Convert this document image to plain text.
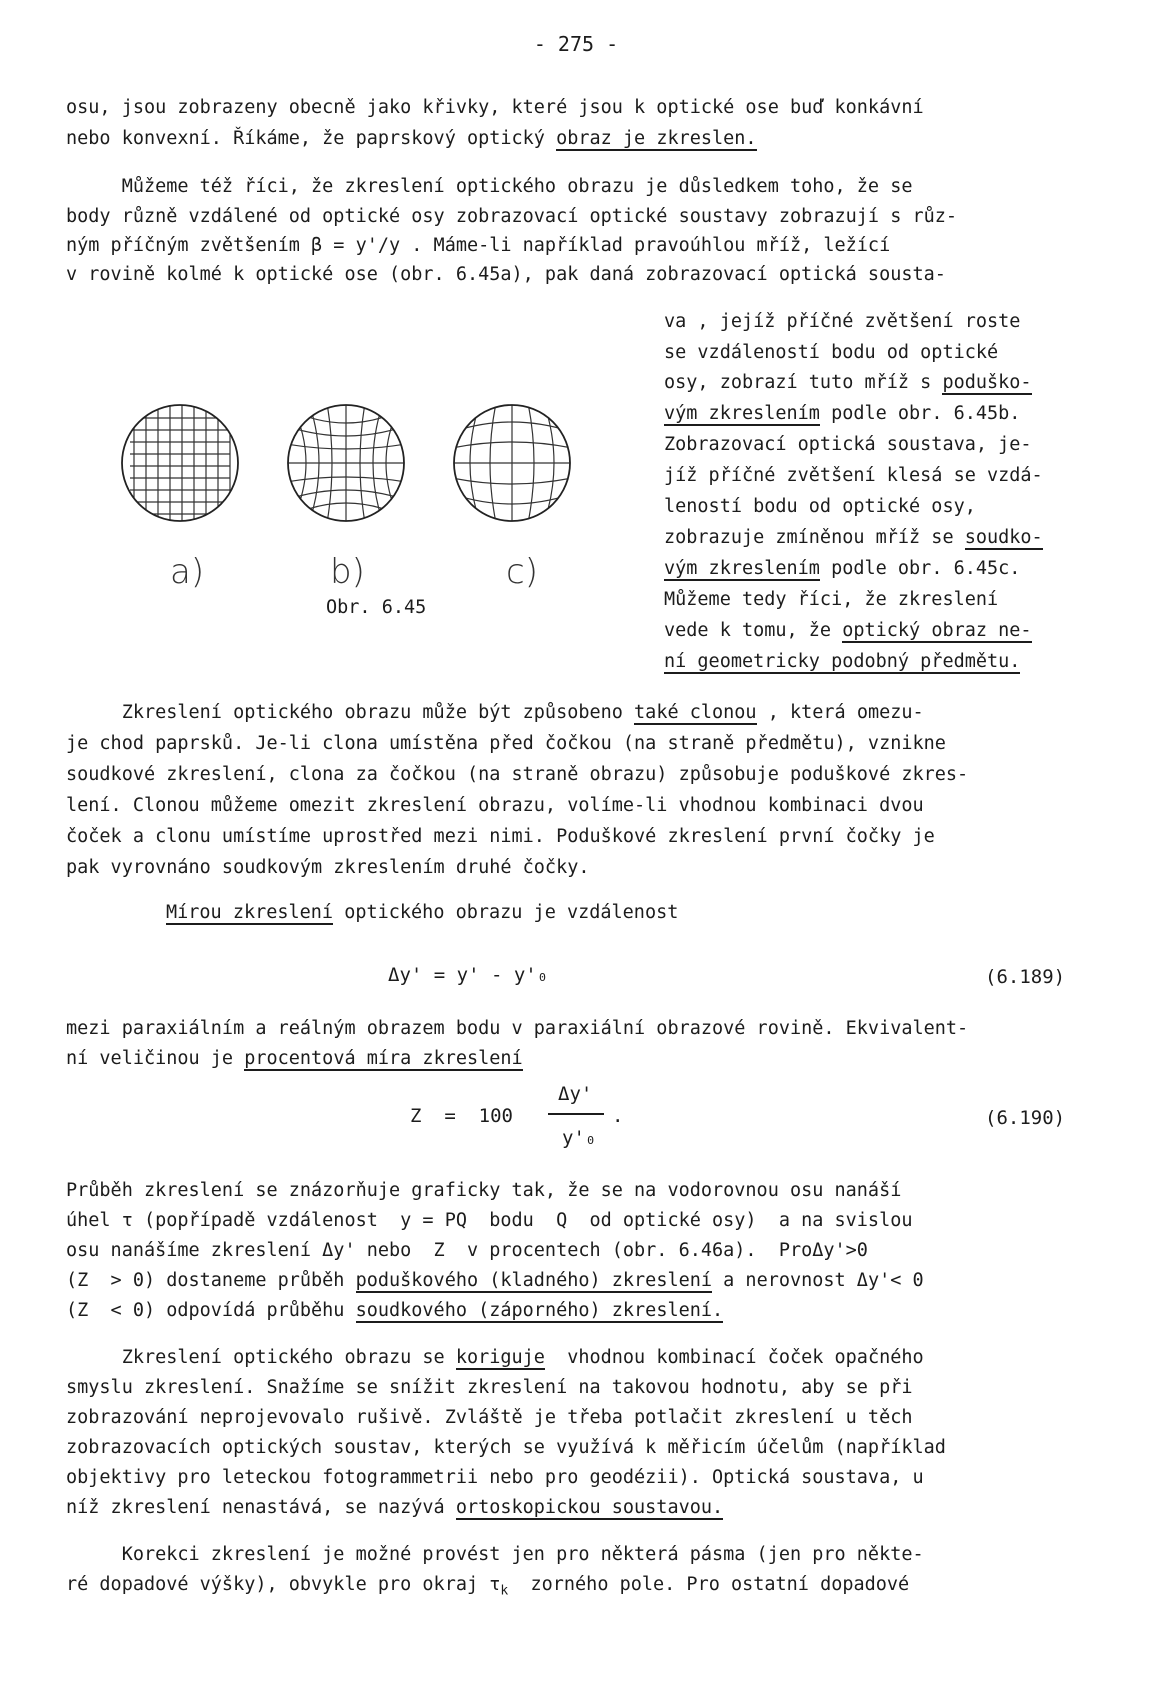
- 275 -
osu, jsou zobrazeny obecně jako křivky, které jsou k optické ose buď konkávní
nebo konvexní. Říkáme, že paprskový optický obraz je zkreslen.
Můžeme též říci, že zkreslení optického obrazu je důsledkem toho, že se
body různě vzdálené od optické osy zobrazovací optické soustavy zobrazují s růz-
ným příčným zvětšením β = y'/y . Máme-li například pravoúhlou mříž, ležící
v rovině kolmé k optické ose (obr. 6.45a), pak daná zobrazovací optická sousta-
va , jejíž příčné zvětšení roste
se vzdáleností bodu od optické
osy, zobrazí tuto mříž s poduško-
vým zkreslením podle obr. 6.45b.
Zobrazovací optická soustava, je-
jíž příčné zvětšení klesá se vzdá-
leností bodu od optické osy,
zobrazuje zmíněnou mříž se soudko-
vým zkreslením podle obr. 6.45c.
Můžeme tedy říci, že zkreslení
vede k tomu, že optický obraz ne-
ní geometricky podobný předmětu.
a)	b)	c)
Obr. 6.45
Zkreslení optického obrazu může být způsobeno také clonou , která omezu-
je chod paprsků. Je-li clona umístěna před čočkou (na straně předmětu), vznikne
soudkové zkreslení, clona za čočkou (na straně obrazu) způsobuje poduškové zkres-
lení. Clonou můžeme omezit zkreslení obrazu, volíme-li vhodnou kombinaci dvou
čoček a clonu umístíme uprostřed mezi nimi. Poduškové zkreslení první čočky je
pak vyrovnáno soudkovým zkreslením druhé čočky.
Mírou zkreslení optického obrazu je vzdálenost
Δy' = y' - y'₀	(6.189)
mezi paraxiálním a reálným obrazem bodu v paraxiální obrazové rovině. Ekvivalent-
ní veličinou je procentová míra zkreslení
Z  =  100
Δy'
y'₀
.	(6.190)
Průběh zkreslení se znázorňuje graficky tak, že se na vodorovnou osu nanáší
úhel τ (popřípadě vzdálenost  y = PQ  bodu  Q  od optické osy)  a na svislou
osu nanášíme zkreslení Δy' nebo  Z  v procentech (obr. 6.46a).  ProΔy'>0
(Z  > 0) dostaneme průběh poduškového (kladného) zkreslení a nerovnost Δy'< 0
(Z  < 0) odpovídá průběhu soudkového (záporného) zkreslení.
Zkreslení optického obrazu se koriguje  vhodnou kombinací čoček opačného
smyslu zkreslení. Snažíme se snížit zkreslení na takovou hodnotu, aby se při
zobrazování neprojevovalo rušivě. Zvláště je třeba potlačit zkreslení u těch
zobrazovacích optických soustav, kterých se využívá k měřicím účelům (například
objektivy pro leteckou fotogrammetrii nebo pro geodézii). Optická soustava, u
níž zkreslení nenastává, se nazývá ortoskopickou soustavou.
Korekci zkreslení je možné provést jen pro některá pásma (jen pro někte-
ré dopadové výšky), obvykle pro okraj $\tau_k$  zorného pole. Pro ostatní dopadové
